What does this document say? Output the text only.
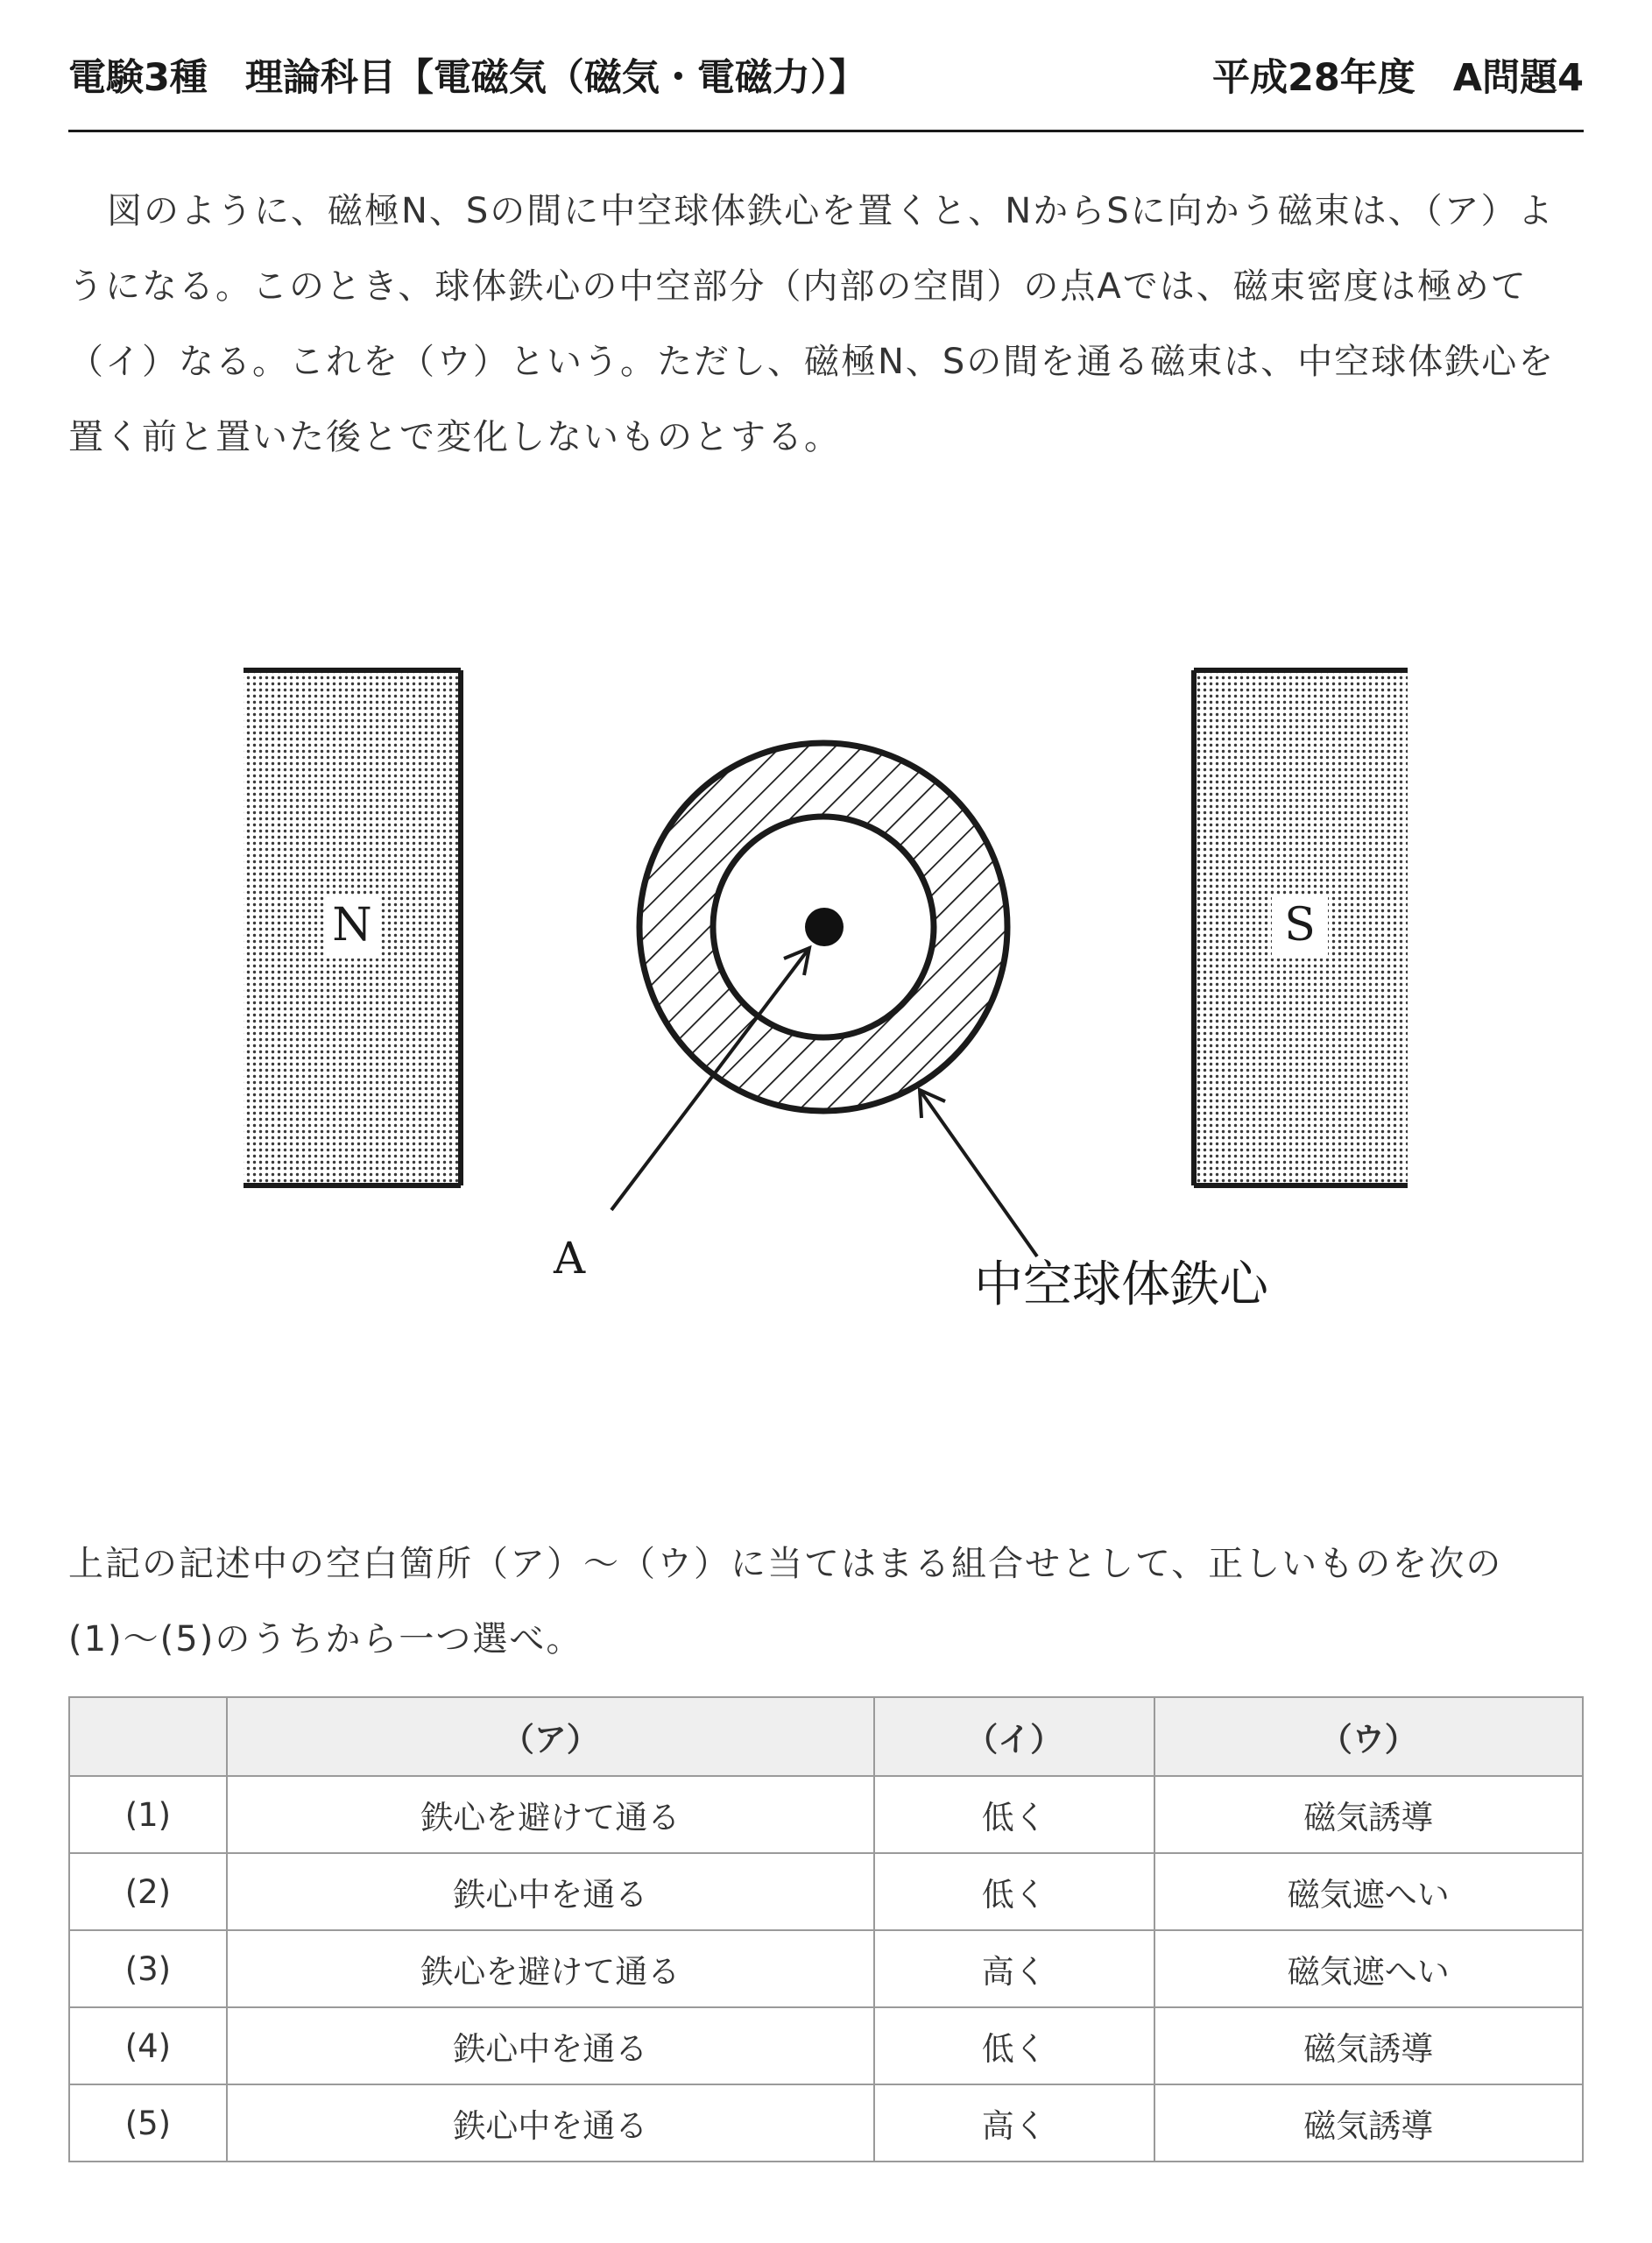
電験3種　理論科目【電磁気（磁気・電磁力）】	平成28年度　A問題4

図のように、磁極N、Sの間に中空球体鉄心を置くと、NからSに向かう磁束は、（ア）ようになる。このとき、球体鉄心の中空部分（内部の空間）の点Aでは、磁束密度は極めて（イ）なる。これを（ウ）という。ただし、磁極N、Sの間を通る磁束は、中空球体鉄心を置く前と置いた後とで変化しないものとする。

N	S
A	中空球体鉄心

上記の記述中の空白箇所（ア）〜（ウ）に当てはまる組合せとして、正しいものを次の(1)〜(5)のうちから一つ選べ。

	（ア）	（イ）	（ウ）
(1)	鉄心を避けて通る	低く	磁気誘導
(2)	鉄心中を通る	低く	磁気遮へい
(3)	鉄心を避けて通る	高く	磁気遮へい
(4)	鉄心中を通る	低く	磁気誘導
(5)	鉄心中を通る	高く	磁気誘導
